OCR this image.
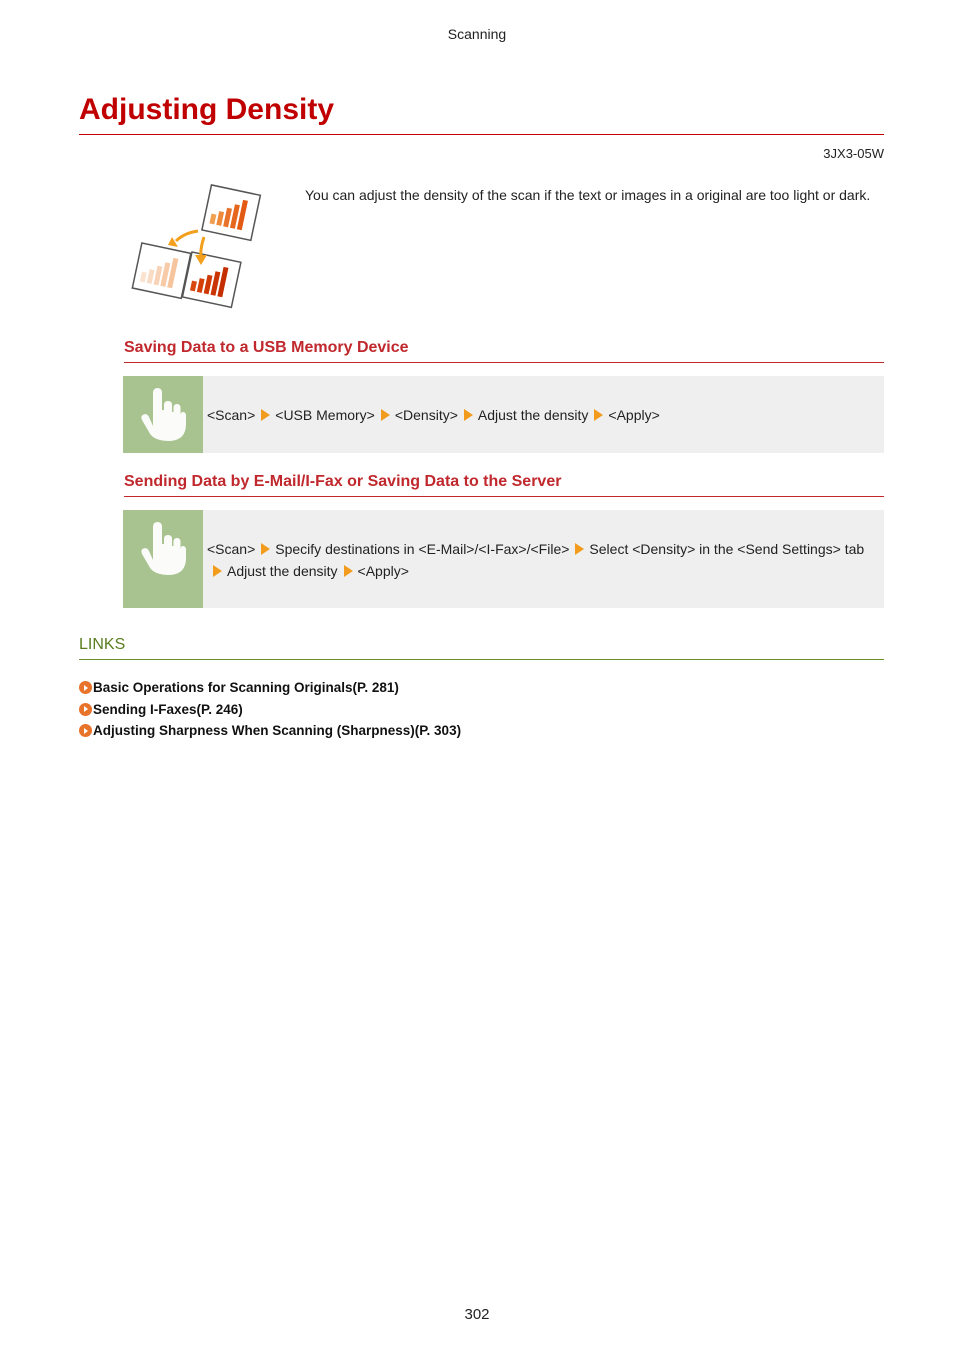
Scanning
Adjusting Density
3JX3-05W

You can adjust the density of the scan if the text or images in a original are too light or dark.

Saving Data to a USB Memory Device
<Scan> <USB Memory> <Density> Adjust the density <Apply>
Sending Data by E-Mail/I-Fax or Saving Data to the Server
<Scan> Specify destinations in <E-Mail>/<I-Fax>/<File> Select <Density> in the <Send Settings> tabAdjust the density <Apply>
LINKS
Basic Operations for Scanning Originals(P. 281)
Sending I-Faxes(P. 246)
Adjusting Sharpness When Scanning (Sharpness)(P. 303)
302
